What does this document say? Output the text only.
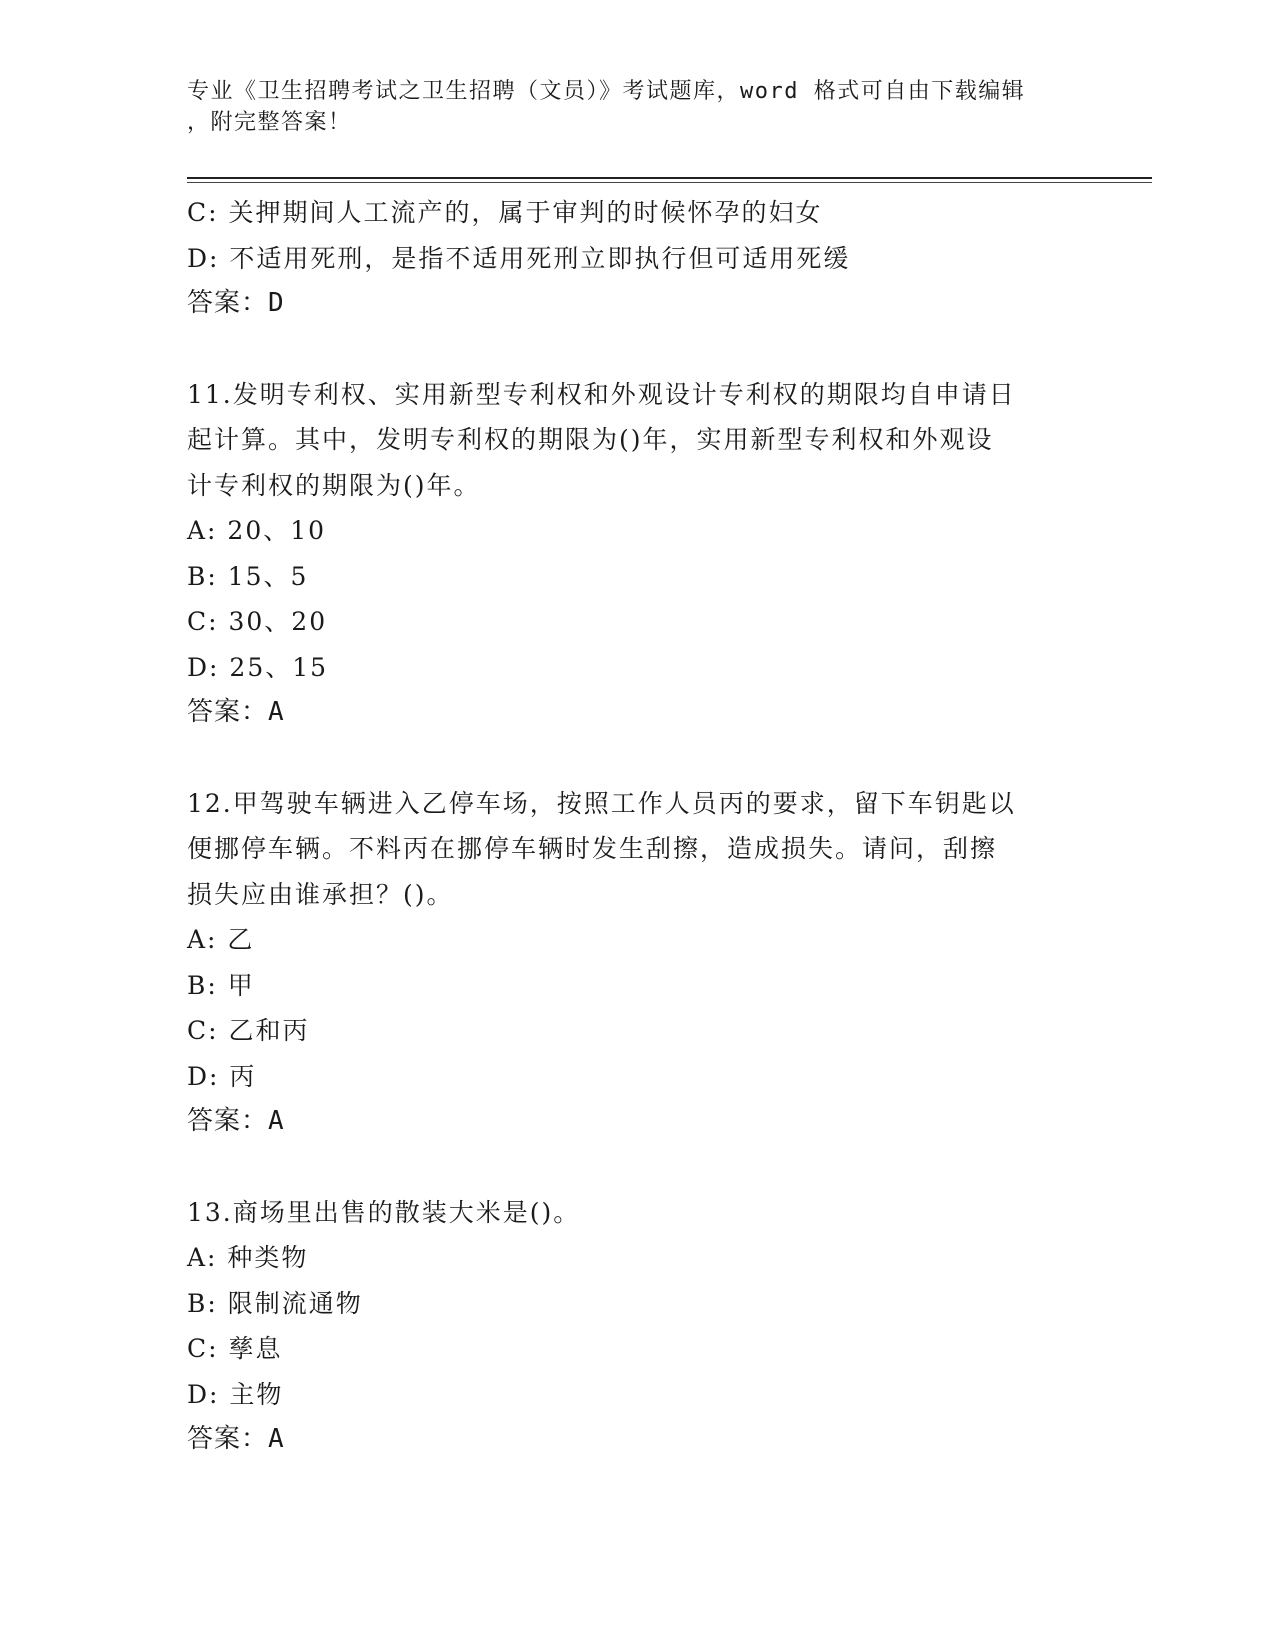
专业《卫生招聘考试之卫生招聘（文员）》考试题库，word 格式可自由下载编辑
，附完整答案！
C: 关押期间人工流产的，属于审判的时候怀孕的妇女
D: 不适用死刑，是指不适用死刑立即执行但可适用死缓
答案：D
11.发明专利权、实用新型专利权和外观设计专利权的期限均自申请日
起计算。其中，发明专利权的期限为()年，实用新型专利权和外观设
计专利权的期限为()年。
A: 20、10
B: 15、5
C: 30、20
D: 25、15
答案：A
12.甲驾驶车辆进入乙停车场，按照工作人员丙的要求，留下车钥匙以
便挪停车辆。不料丙在挪停车辆时发生刮擦，造成损失。请问，刮擦
损失应由谁承担？()。
A: 乙
B: 甲
C: 乙和丙
D: 丙
答案：A
13.商场里出售的散装大米是()。
A: 种类物
B: 限制流通物
C: 孳息
D: 主物
答案：A
